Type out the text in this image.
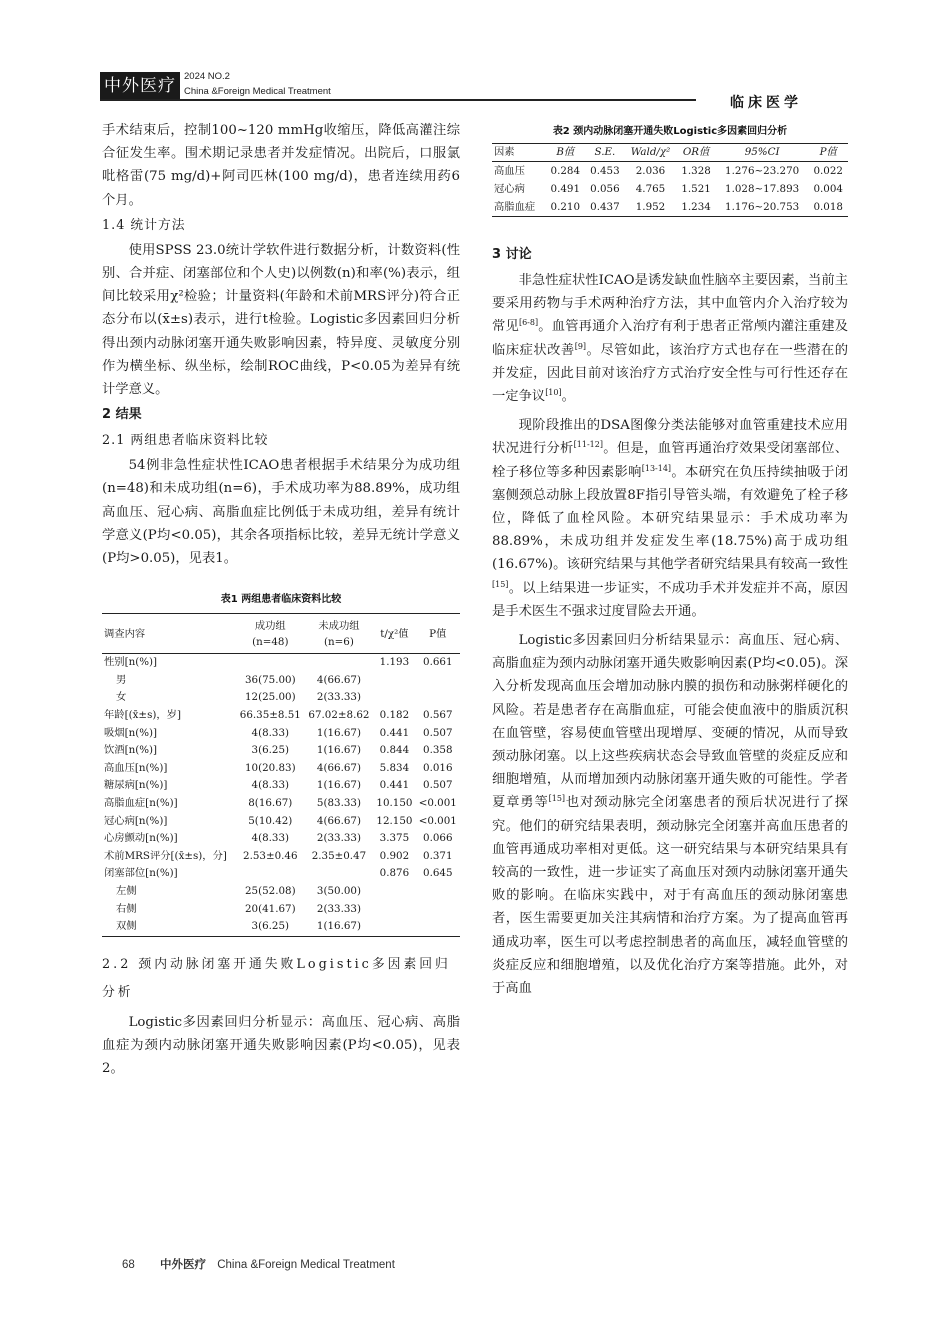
中外医疗 2024 NO.2
China &Foreign Medical Treatment
临床医学

手术结束后，控制100~120 mmHg收缩压，降低高灌注综合征发生率。围术期记录患者并发症情况。出院后，口服氯吡格雷(75 mg/d)+阿司匹林(100 mg/d)，患者连续用药6个月。

1.4 统计方法

使用SPSS 23.0统计学软件进行数据分析，计数资料(性别、合并症、闭塞部位和个人史)以例数(n)和率(%)表示，组间比较采用χ²检验；计量资料(年龄和术前MRS评分)符合正态分布以(x̄±s)表示，进行t检验。Logistic多因素回归分析得出颈内动脉闭塞开通失败影响因素，特异度、灵敏度分别作为横坐标、纵坐标，绘制ROC曲线，P<0.05为差异有统计学意义。

2 结果
2.1 两组患者临床资料比较

54例非急性症状性ICAO患者根据手术结果分为成功组(n=48)和未成功组(n=6)，手术成功率为88.89%，成功组高血压、冠心病、高脂血症比例低于未成功组，差异有统计学意义(P均<0.05)，其余各项指标比较，差异无统计学意义(P均>0.05)，见表1。

表1 两组患者临床资料比较
调查内容	成功组	未成功组	t/χ²值	P值
	(n=48)	(n=6)		
性别[n(%)]			1.193	0.661
男	36(75.00)	4(66.67)		
女	12(25.00)	2(33.33)		
年龄[(x̄±s)，岁]	66.35±8.51	67.02±8.62	0.182	0.567
吸烟[n(%)]	4(8.33)	1(16.67)	0.441	0.507
饮酒[n(%)]	3(6.25)	1(16.67)	0.844	0.358
高血压[n(%)]	10(20.83)	4(66.67)	5.834	0.016
糖尿病[n(%)]	4(8.33)	1(16.67)	0.441	0.507
高脂血症[n(%)]	8(16.67)	5(83.33)	10.150	<0.001
冠心病[n(%)]	5(10.42)	4(66.67)	12.150	<0.001
心房颤动[n(%)]	4(8.33)	2(33.33)	3.375	0.066
术前MRS评分[(x̄±s)，分]	2.53±0.46	2.35±0.47	0.902	0.371
闭塞部位[n(%)]			0.876	0.645
左侧	25(52.08)	3(50.00)		
右侧	20(41.67)	2(33.33)		
双侧	3(6.25)	1(16.67)		
2.2 颈内动脉闭塞开通失败Logistic多因素回归分析

Logistic多因素回归分析显示：高血压、冠心病、高脂血症为颈内动脉闭塞开通失败影响因素(P均<0.05)，见表2。

表2 颈内动脉闭塞开通失败Logistic多因素回归分析
因素	B值	S.E.	Wald/χ²	OR值	95%CI	P值
高血压	0.284	0.453	2.036	1.328	1.276~23.270	0.022
冠心病	0.491	0.056	4.765	1.521	1.028~17.893	0.004
高脂血症	0.210	0.437	1.952	1.234	1.176~20.753	0.018
3 讨论

非急性症状性ICAO是诱发缺血性脑卒主要因素，当前主要采用药物与手术两种治疗方法，其中血管内介入治疗较为常见[6-8]。血管再通介入治疗有利于患者正常颅内灌注重建及临床症状改善[9]。尽管如此，该治疗方式也存在一些潜在的并发症，因此目前对该治疗方式治疗安全性与可行性还存在一定争议[10]。

现阶段推出的DSA图像分类法能够对血管重建技术应用状况进行分析[11-12]。但是，血管再通治疗效果受闭塞部位、栓子移位等多种因素影响[13-14]。本研究在负压持续抽吸于闭塞侧颈总动脉上段放置8F指引导管头端，有效避免了栓子移位，降低了血栓风险。本研究结果显示：手术成功率为88.89%，未成功组并发症发生率(18.75%)高于成功组(16.67%)。该研究结果与其他学者研究结果具有较高一致性[15]。以上结果进一步证实，不成功手术并发症并不高，原因是手术医生不强求过度冒险去开通。

Logistic多因素回归分析结果显示：高血压、冠心病、高脂血症为颈内动脉闭塞开通失败影响因素(P均<0.05)。深入分析发现高血压会增加动脉内膜的损伤和动脉粥样硬化的风险。若是患者存在高脂血症，可能会使血液中的脂质沉积在血管壁，容易使血管壁出现增厚、变硬的情况，从而导致颈动脉闭塞。以上这些疾病状态会导致血管壁的炎症反应和细胞增殖，从而增加颈内动脉闭塞开通失败的可能性。学者夏章勇等[15]也对颈动脉完全闭塞患者的预后状况进行了探究。他们的研究结果表明，颈动脉完全闭塞并高血压患者的血管再通成功率相对更低。这一研究结果与本研究结果具有较高的一致性，进一步证实了高血压对颈内动脉闭塞开通失败的影响。在临床实践中，对于有高血压的颈动脉闭塞患者，医生需要更加关注其病情和治疗方案。为了提高血管再通成功率，医生可以考虑控制患者的高血压，减轻血管壁的炎症反应和细胞增殖，以及优化治疗方案等措施。此外，对于高血

68 中外医疗 China &Foreign Medical Treatment
